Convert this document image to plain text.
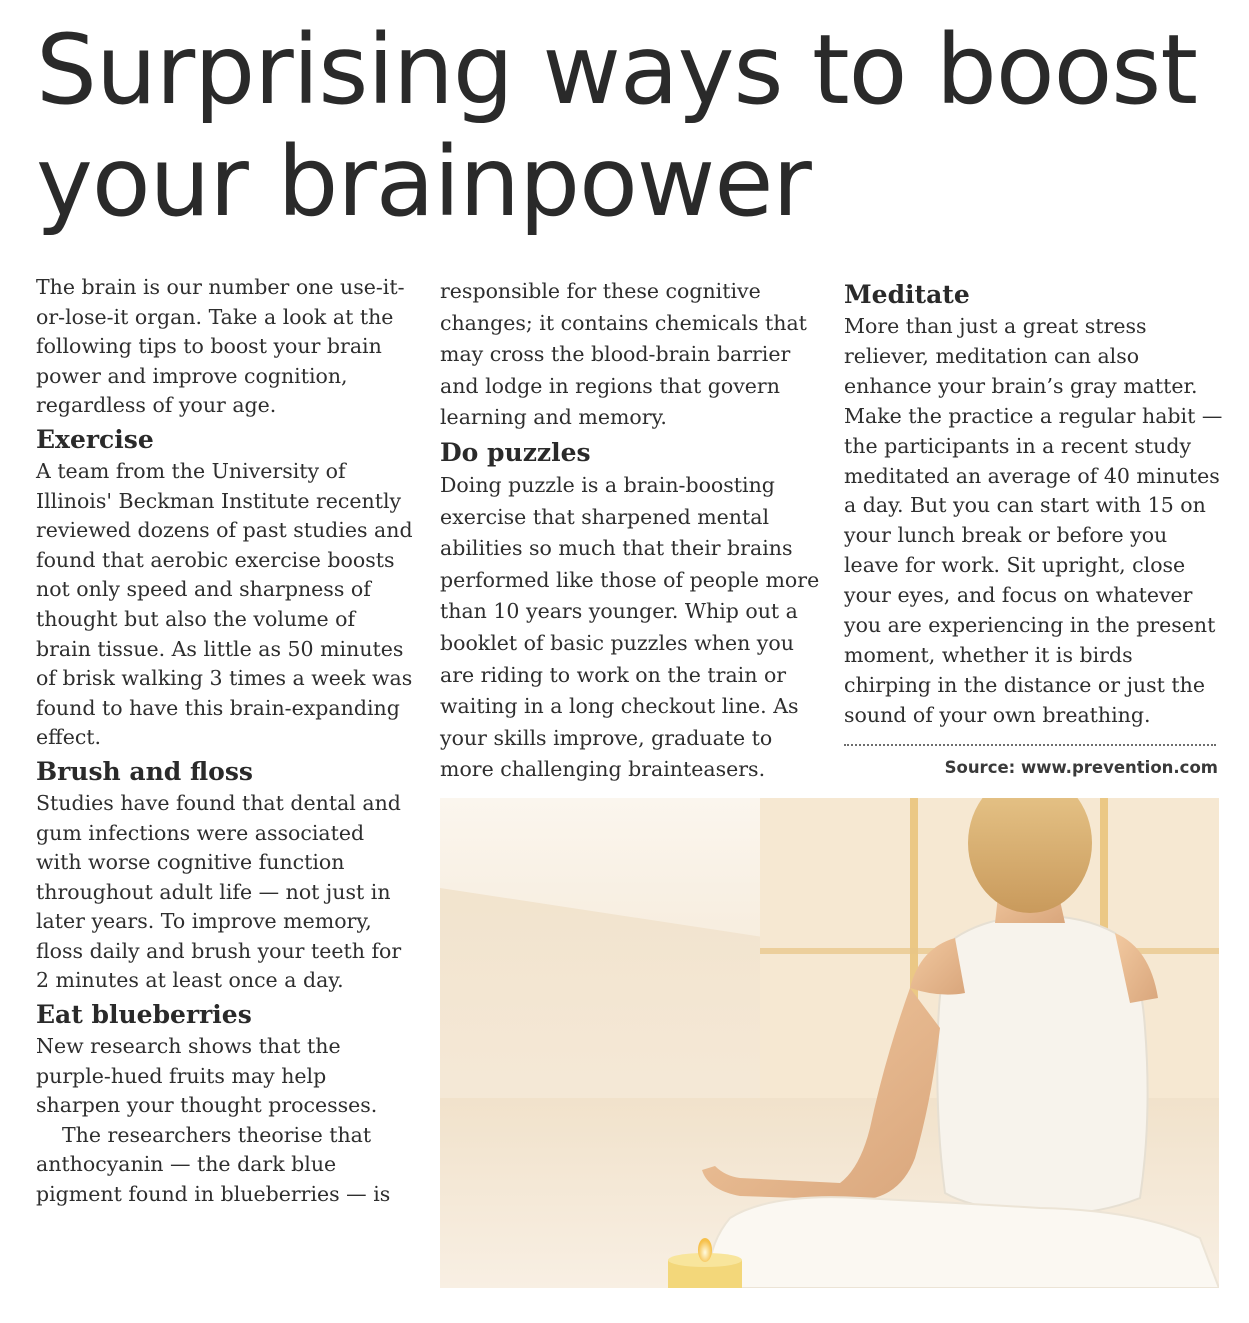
Surprising ways to boost your brainpower

The brain is our number one use-it-or-lose-it organ. Take a look at the following tips to boost your brain power and improve cognition, regardless of your age.

Exercise

A team from the University of Illinois' Beckman Institute recently reviewed dozens of past studies and found that aerobic exercise boosts not only speed and sharpness of thought but also the volume of brain tissue. As little as 50 minutes of brisk walking 3 times a week was found to have this brain-expanding effect.

Brush and floss

Studies have found that dental and gum infections were associated with worse cognitive function throughout adult life — not just in later years. To improve memory, floss daily and brush your teeth for 2 minutes at least once a day.

Eat blueberries

New research shows that the purple-hued fruits may help sharpen your thought processes.

The researchers theorise that anthocyanin — the dark blue pigment found in blueberries — is

responsible for these cognitive changes; it contains chemicals that may cross the blood-brain barrier and lodge in regions that govern learning and memory.

Do puzzles

Doing puzzle is a brain-boosting exercise that sharpened mental abilities so much that their brains performed like those of people more than 10 years younger. Whip out a booklet of basic puzzles when you are riding to work on the train or waiting in a long checkout line. As your skills improve, graduate to more challenging brainteasers.

Meditate

More than just a great stress reliever, meditation can also enhance your brain’s gray matter. Make the practice a regular habit — the participants in a recent study meditated an average of 40 minutes a day. But you can start with 15 on your lunch break or before you leave for work. Sit upright, close your eyes, and focus on whatever you are experiencing in the present moment, whether it is birds chirping in the distance or just the sound of your own breathing.

Source: www.prevention.com
